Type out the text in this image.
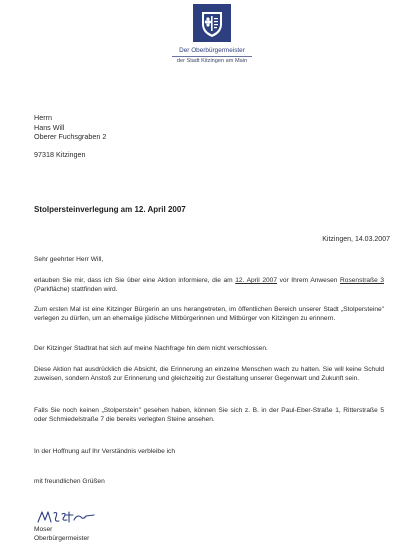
Der Oberbürgermeister
der Stadt Kitzingen am Main
Herrn
Hans Will
Oberer Fuchsgraben 2
97318 Kitzingen
Stolpersteinverlegung am 12. April 2007
Kitzingen, 14.03.2007
Sehr geehrter Herr Will,
erlauben Sie mir, dass ich Sie über eine Aktion informiere, die am 12. April 2007 vor Ihrem Anwesen Rosenstraße 3 (Parkfläche) stattfinden wird.
Zum ersten Mal ist eine Kitzinger Bürgerin an uns herangetreten, im öffentlichen Bereich unserer Stadt „Stolpersteine" verlegen zu dürfen, um an ehemalige jüdische Mitbürgerinnen und Mitbürger von Kitzingen zu erinnern.
Der Kitzinger Stadtrat hat sich auf meine Nachfrage hin dem nicht verschlossen.
Diese Aktion hat ausdrücklich die Absicht, die Erinnerung an einzelne Menschen wach zu halten. Sie will keine Schuld zuweisen, sondern Anstoß zur Erinnerung und gleichzeitig zur Gestaltung unserer Gegenwart und Zukunft sein.
Falls Sie noch keinen „Stolperstein" gesehen haben, können Sie sich z. B. in der Paul-Eber-Straße 1, Ritterstraße 5 oder Schmiedelstraße 7 die bereits verlegten Steine ansehen.
In der Hoffnung auf Ihr Verständnis verbleibe ich
mit freundlichen Grüßen
Moser
Oberbürgermeister
